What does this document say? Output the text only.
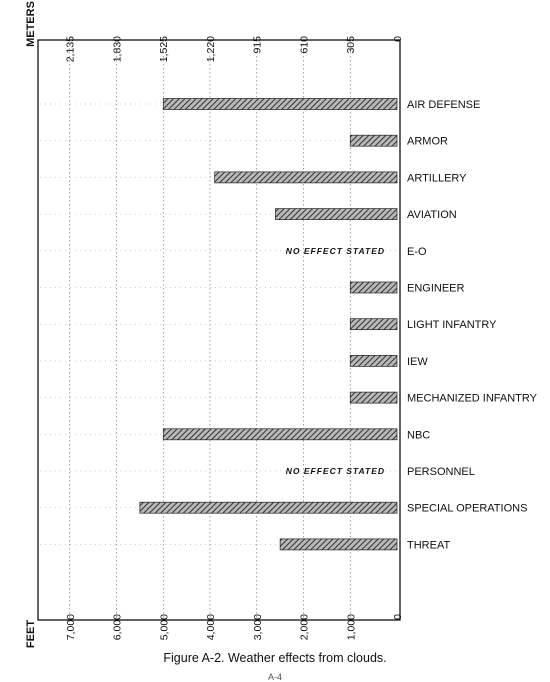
2,135	1,830	1,525	1,220	915	610	305	0
7,000	6,000	5,000	4,000	3,000	2,000	1,000	0
AIR DEFENSE
ARMOR
ARTILLERY
AVIATION
E-O
ENGINEER
LIGHT INFANTRY
IEW
MECHANIZED INFANTRY
NBC
PERSONNEL
SPECIAL OPERATIONS
THREAT
NO EFFECT STATED
NO EFFECT STATED
METERS
FEET
Figure A-2. Weather effects from clouds.
A-4
